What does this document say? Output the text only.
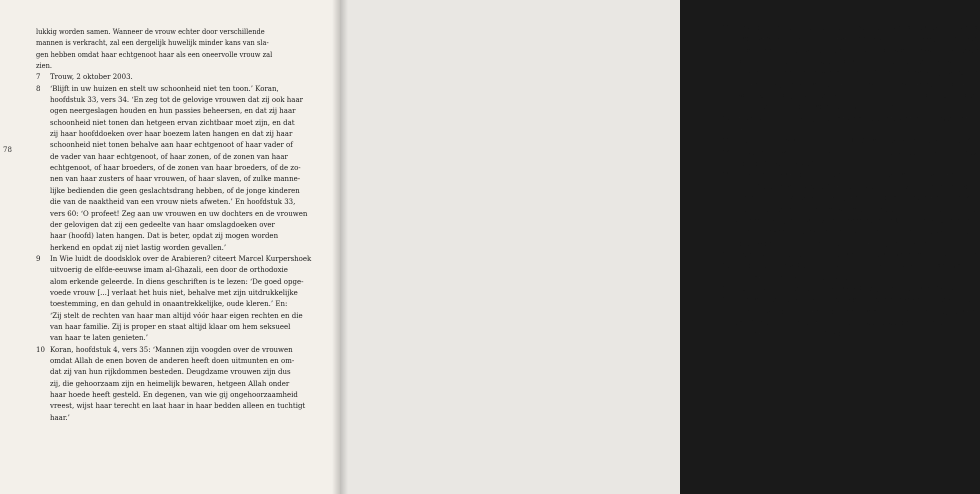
78
lukkig worden samen. Wanneer de vrouw echter door verschillende
mannen is verkracht, zal een dergelijk huwelijk minder kans van sla-
gen hebben omdat haar echtgenoot haar als een oneervolle vrouw zal
zien.
7 Trouw, 2 oktober 2003.
8 ‘Blijft in uw huizen en stelt uw schoonheid niet ten toon.’ Koran,
hoofdstuk 33, vers 34. ‘En zeg tot de gelovige vrouwen dat zij ook haar
ogen neergeslagen houden en hun passies beheersen, en dat zij haar
schoonheid niet tonen dan hetgeen ervan zichtbaar moet zijn, en dat
zij haar hoofddoeken over haar boezem laten hangen en dat zij haar
schoonheid niet tonen behalve aan haar echtgenoot of haar vader of
de vader van haar echtgenoot, of haar zonen, of de zonen van haar
echtgenoot, of haar broeders, of de zonen van haar broeders, of de zo-
nen van haar zusters of haar vrouwen, of haar slaven, of zulke manne-
lijke bedienden die geen geslachtsdrang hebben, of de jonge kinderen
die van de naaktheid van een vrouw niets afweten.’ En hoofdstuk 33,
vers 60: ‘O profeet! Zeg aan uw vrouwen en uw dochters en de vrouwen
der gelovigen dat zij een gedeelte van haar omslagdoeken over
haar (hoofd) laten hangen. Dat is beter, opdat zij mogen worden
herkend en opdat zij niet lastig worden gevallen.’
9 In Wie luidt de doodsklok over de Arabieren? citeert Marcel Kurpershoek
uitvoerig de elfde-eeuwse imam al-Ghazali, een door de orthodoxie
alom erkende geleerde. In diens geschriften is te lezen: ‘De goed opge-
voede vrouw [...] verlaat het huis niet, behalve met zijn uitdrukkelijke
toestemming, en dan gehuld in onaantrekkelijke, oude kleren.’ En:
‘Zij stelt de rechten van haar man altijd vóór haar eigen rechten en die
van haar familie. Zij is proper en staat altijd klaar om hem seksueel
van haar te laten genieten.’
10 Koran, hoofdstuk 4, vers 35: ‘Mannen zijn voogden over de vrouwen
omdat Allah de enen boven de anderen heeft doen uitmunten en om-
dat zij van hun rijkdommen besteden. Deugdzame vrouwen zijn dus
zij, die gehoorzaam zijn en heimelijk bewaren, hetgeen Allah onder
haar hoede heeft gesteld. En degenen, van wie gij ongehoorzaamheid
vreest, wijst haar terecht en laat haar in haar bedden alleen en tuchtigt
haar.’
11 Geweld tegen vrouwen komt ook veel voor binnen westerse gezinnen,
maar westerlingen wijzen geweld nadrukkelijk af, terwijl de meeste
moslimgezinnen geweld tegen vrouwen zien als iets wat die vrouwen
zelf uitlokken omdat zij zich niet aan de regels houden. De familie en
de sociale omgeving keuren het niet af. Ze redeneren: Als je wordt ge-
slagen door je man, dan zul je het daar wel naar gemaakt hebben.
Westerse buren, familie en vrienden vinden niet dat het mishandelen
van vrouwen een aanvaardbaar opvoedingsmiddel is.
12 In verband met privacy zijn de namen van personen en plaatsen veran-
derd.
13 Dit artikel verscheen eerder in NRC Handelsblad op 13 april 2004.
14 Bewerkte versie van het artikel dat eerder verscheen in NRC Handels-
blad op 3 oktober 2003.
15 Bewerkte versie van het artikel ‘Besnijdenis mag niet worden ge-
doogd’ uit de Volkskrant, 7 februari 2004. Genitale verminking van
meisjes wordt soms wel ‘besnijdenis’ genoemd. Daarmee wordt im-
pliciet een vergelijking gemaakt met besnijdenis van jongens. Als be-
snijdenis van jongens zou betekenen dat de eikel wordt weggesneden,
de ballen worden verwijderd en dat de rest van de penis aan het lege
zakje wordt gehecht, dan zou deze vergelijking opgaan.
16 Zie het artikel van Steffie Kouters in Volkskrant Magazine, 10 april 2004.
17 Dit gesprek verscheen eerder met medewerking van Carine Damen in
Algemeen Dagblad, 19 juni 2004.
18 Opzij-lezing, gehouden op 8 maart 2003, Internationale Vrouwendag.
19 Een rare aanduiding want het gaat om een volwassen vrouw die zelf-
standig wil gaan wonen. Maar haar familes zullen haar altijd als een
minderjarige behandelen, ook als ze ver boven de veertig is. Voor hen
blijft ze een ‘weggelopen’ vrouw.
